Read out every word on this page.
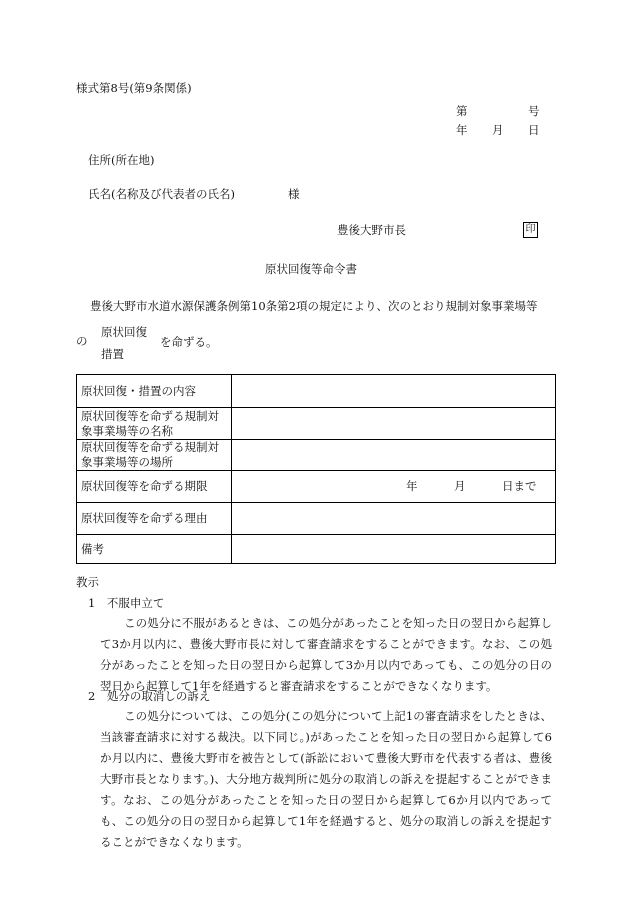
様式第8号(第9条関係)
第	号
年 月 日
住所(所在地)
氏名(名称及び代表者の氏名)	様
豊後大野市長	印
原状回復等命令書
豊後大野市水道水源保護条例第10条第2項の規定により、次のとおり規制対象事業場等
の
原状回復
措置
を命ずる。
原状回復・措置の内容
原状回復等を命ずる規制対象事業場等の名称
原状回復等を命ずる規制対象事業場等の場所
原状回復等を命ずる期限	年	月	日まで
原状回復等を命ずる理由
備考
教示
1　不服申立て
この処分に不服があるときは、この処分があったことを知った日の翌日から起算して3か月以内に、豊後大野市長に対して審査請求をすることができます。なお、この処分があったことを知った日の翌日から起算して3か月以内であっても、この処分の日の翌日から起算して1年を経過すると審査請求をすることができなくなります。
2　処分の取消しの訴え
この処分については、この処分(この処分について上記1の審査請求をしたときは、当該審査請求に対する裁決。以下同じ。)があったことを知った日の翌日から起算して6か月以内に、豊後大野市を被告として(訴訟において豊後大野市を代表する者は、豊後大野市長となります。)、大分地方裁判所に処分の取消しの訴えを提起することができます。なお、この処分があったことを知った日の翌日から起算して6か月以内であっても、この処分の日の翌日から起算して1年を経過すると、処分の取消しの訴えを提起することができなくなります。
